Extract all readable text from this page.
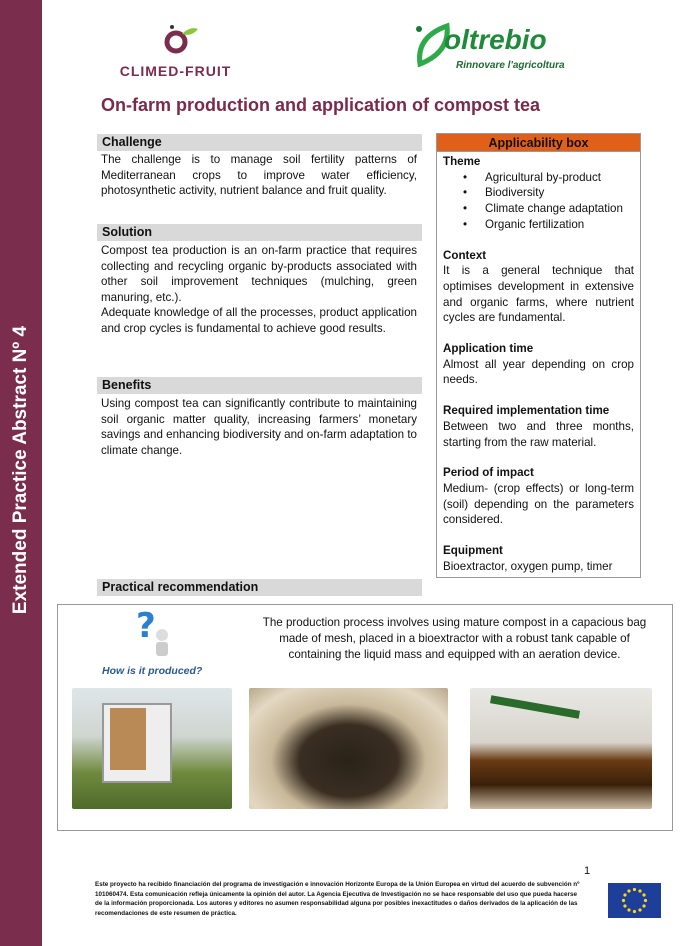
Extended Practice Abstract Nº 4
CLIMED-FRUIT
oltrebio
Rinnovare l'agricoltura
On-farm production and application of compost tea
Challenge
The challenge is to manage soil fertility patterns of Mediterranean crops to improve water efficiency, photosynthetic activity, nutrient balance and fruit quality.
Solution
Compost tea production is an on-farm practice that requires collecting and recycling organic by-products associated with other soil improvement techniques (mulching, green manuring, etc.).
Adequate knowledge of all the processes, product application and crop cycles is fundamental to achieve good results.
Benefits
Using compost tea can significantly contribute to maintaining soil organic matter quality, increasing farmers’ monetary savings and enhancing biodiversity and on-farm adaptation to climate change.
Applicability box
Theme
• Agricultural by-product
• Biodiversity
• Climate change adaptation
• Organic fertilization
Context

It is a general technique that optimises development in extensive and organic farms, where nutrient cycles are fundamental.

Application time

Almost all year depending on crop needs.

Required implementation time

Between two and three months, starting from the raw material.

Period of impact

Medium- (crop effects) or long-term (soil) depending on the parameters considered.

Equipment
Bioextractor, oxygen pump, timer
Practical recommendation
?
How is it produced?
The production process involves using mature compost in a capacious bag made of mesh, placed in a bioextractor with a robust tank capable of containing the liquid mass and equipped with an aeration device.
1
Este proyecto ha recibido financiación del programa de investigación e innovación Horizonte Europa de la Unión Europea en virtud del acuerdo de subvención nº 101060474. Esta comunicación refleja únicamente la opinión del autor. La Agencia Ejecutiva de Investigación no se hace responsable del uso que pueda hacerse de la información proporcionada. Los autores y editores no asumen responsabilidad alguna por posibles inexactitudes o daños derivados de la aplicación de las recomendaciones de este resumen de práctica.
